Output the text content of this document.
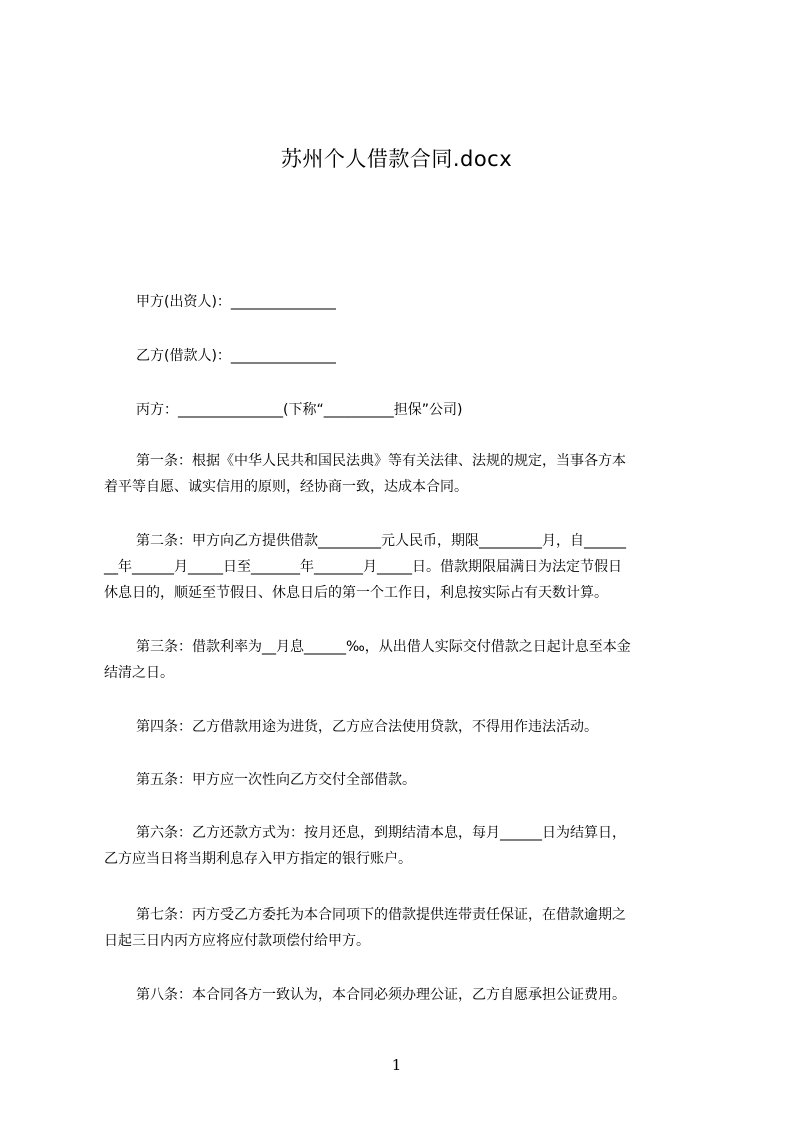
苏州个人借款合同.docx
甲方(出资人)：_______________
乙方(借款人)：_______________
丙方：_______________(下称“__________担保”公司)
第一条：根据《中华人民共和国民法典》等有关法律、法规的规定，当事各方本
着平等自愿、诚实信用的原则，经协商一致，达成本合同。
第二条：甲方向乙方提供借款_________元人民币，期限_________月，自______
__年______月_____日至_______年_______月_____日。借款期限届满日为法定节假日
休息日的，顺延至节假日、休息日后的第一个工作日，利息按实际占有天数计算。
第三条：借款利率为__月息______‰，从出借人实际交付借款之日起计息至本金
结清之日。
第四条：乙方借款用途为进货，乙方应合法使用贷款，不得用作违法活动。
第五条：甲方应一次性向乙方交付全部借款。
第六条：乙方还款方式为：按月还息，到期结清本息，每月______日为结算日，
乙方应当日将当期利息存入甲方指定的银行账户。
第七条：丙方受乙方委托为本合同项下的借款提供连带责任保证，在借款逾期之
日起三日内丙方应将应付款项偿付给甲方。
第八条：本合同各方一致认为，本合同必须办理公证，乙方自愿承担公证费用。
1
